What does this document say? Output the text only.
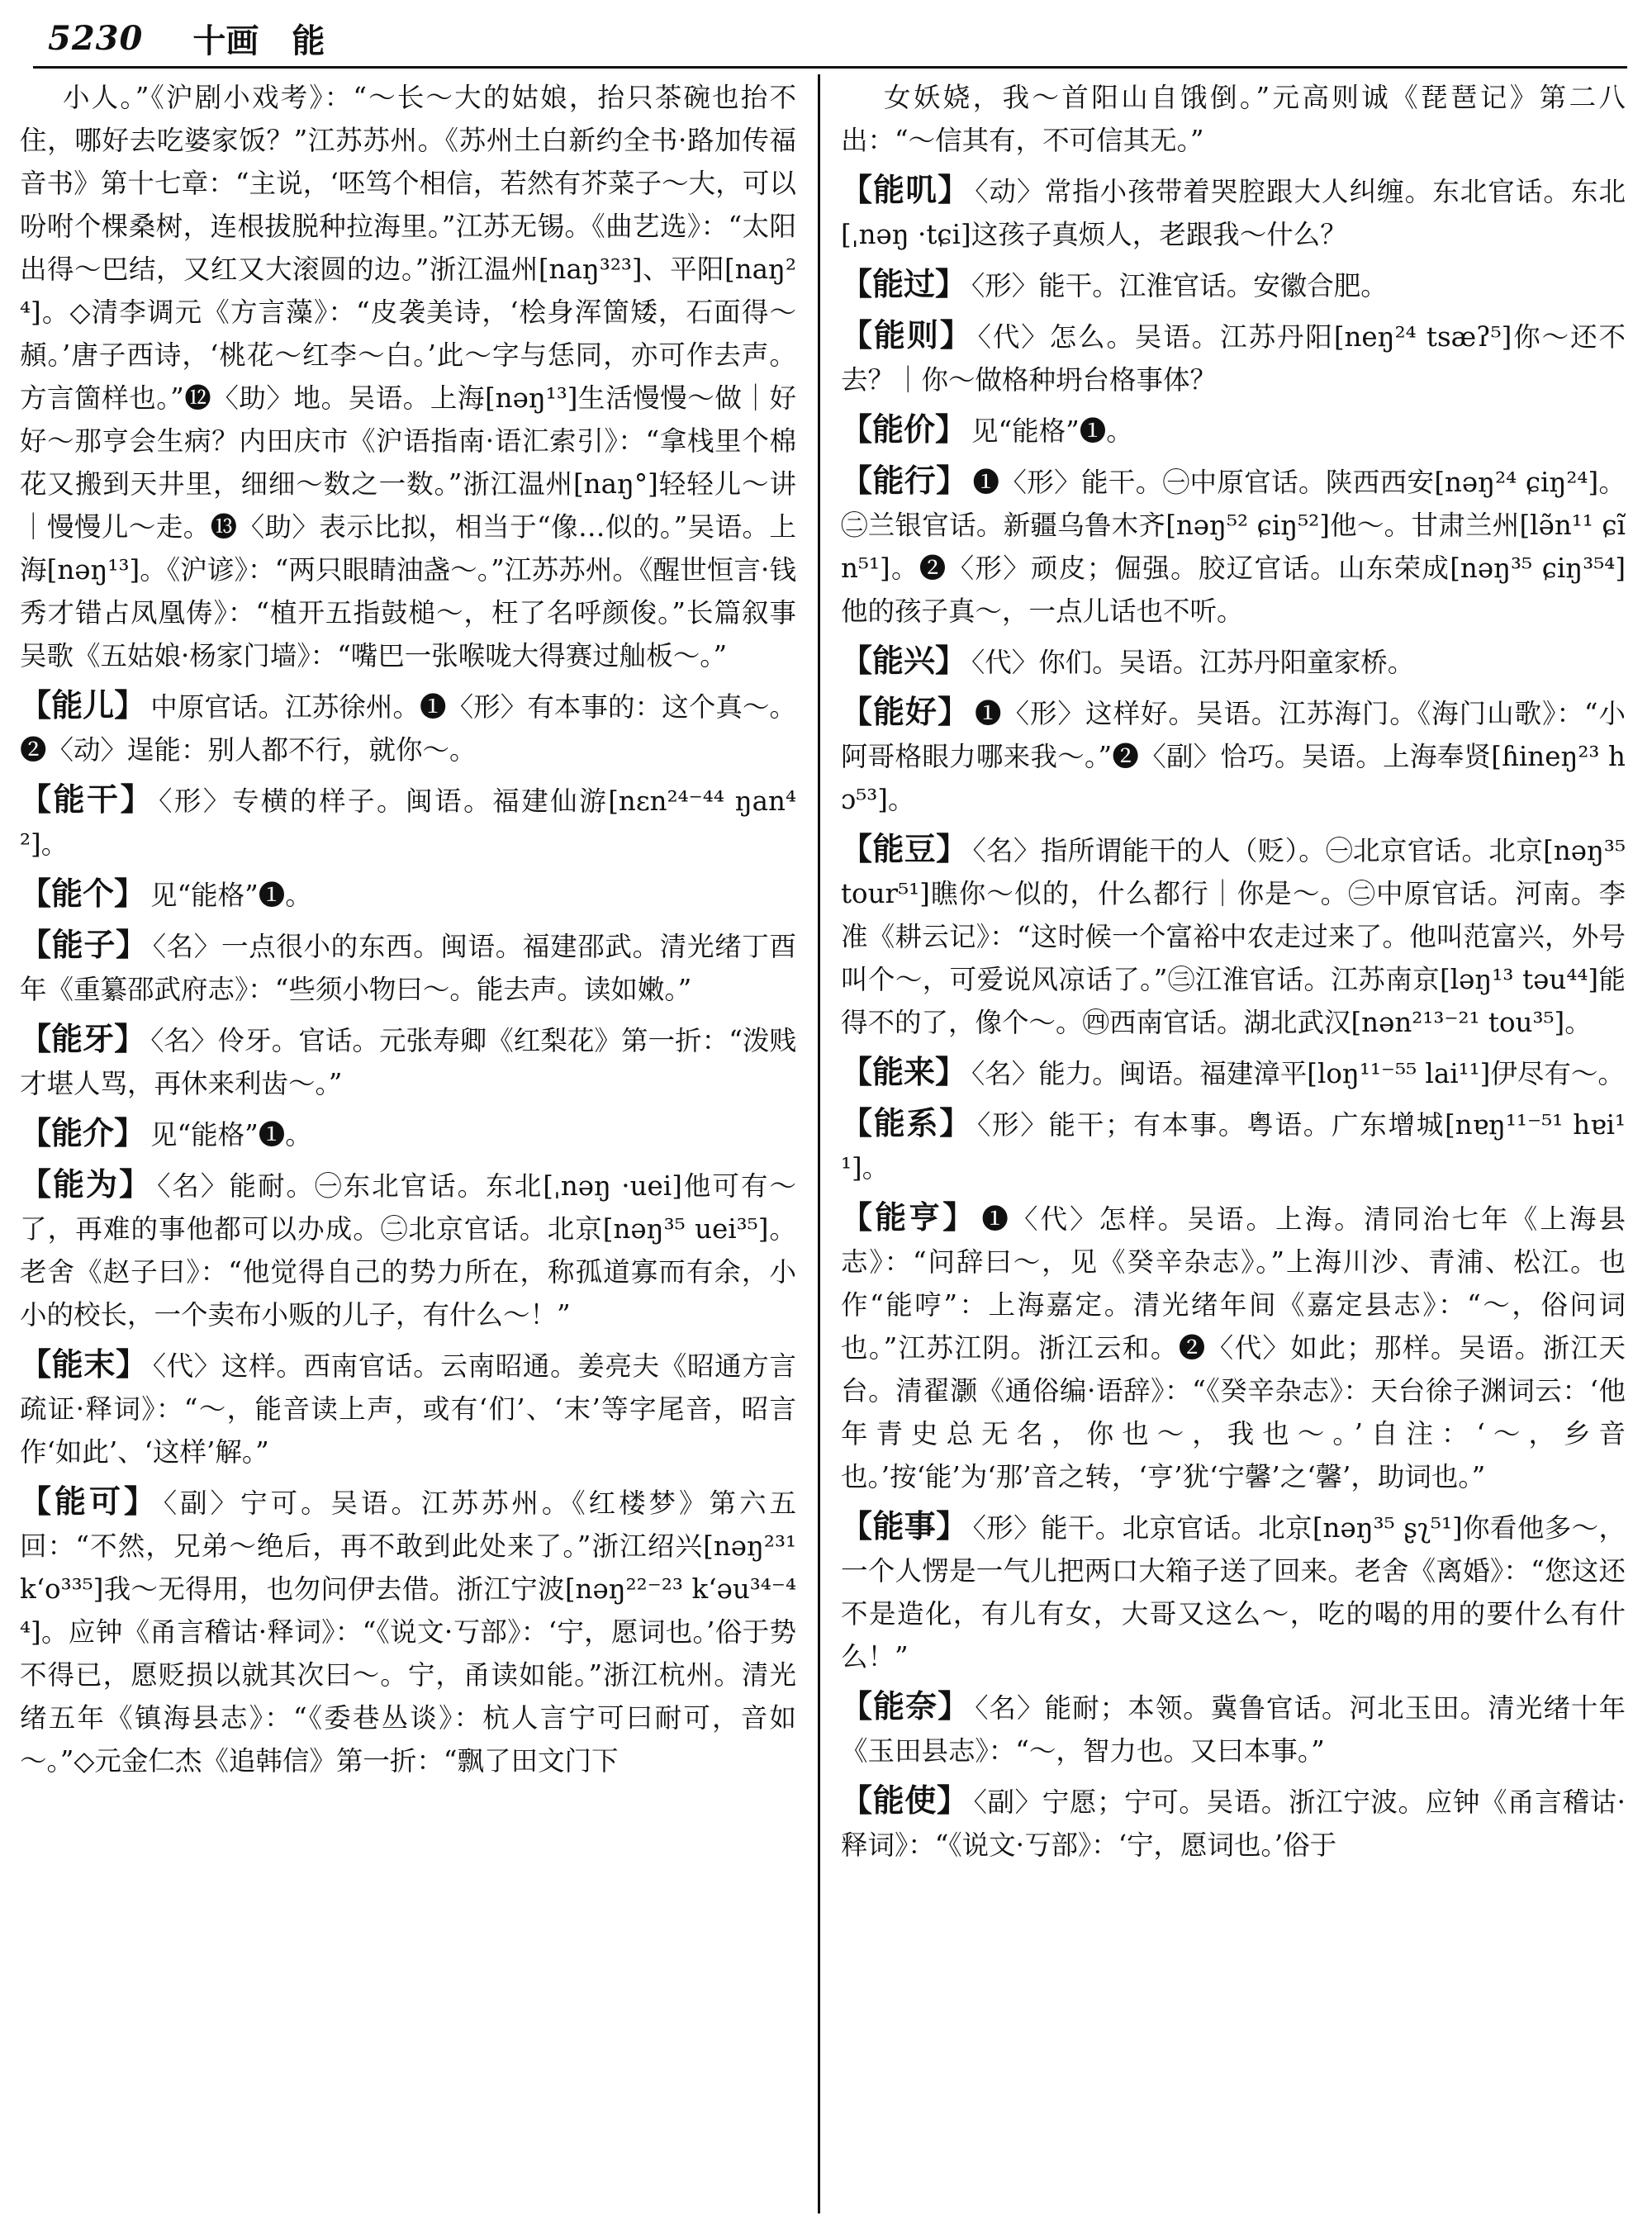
5230 十画 能

小人。”《沪剧小戏考》：“～长～大的姑娘，抬只茶碗也抬不住，哪好去吃婆家饭？”江苏苏州。《苏州土白新约全书·路加传福音书》第十七章：“主说，‘呸笃个相信，若然有芥菜子～大，可以吩咐个棵桑树，连根拔脱种拉海里。”江苏无锡。《曲艺选》：“太阳出得～巴结，又红又大滚圆的边。”浙江温州[naŋ³²³]、平阳[naŋ²⁴]。◇清李调元《方言藻》：“皮袭美诗，‘桧身浑箇矮，石面得～頳。’唐子西诗，‘桃花～红李～白。’此～字与恁同，亦可作去声。方言箇样也。”⓬〈助〉地。吴语。上海[nəŋ¹³]生活慢慢～做｜好好～那亨会生病？内田庆市《沪语指南·语汇索引》：“拿栈里个棉花又搬到天井里，细细～数之一数。”浙江温州[naŋ°]轻轻儿～讲｜慢慢儿～走。⓭〈助〉表示比拟，相当于“像…似的。”吴语。上海[nəŋ¹³]。《沪谚》：“两只眼睛油盏～。”江苏苏州。《醒世恒言·钱秀才错占凤凰俦》：“植开五指鼓槌～，枉了名呼颜俊。”长篇叙事吴歌《五姑娘·杨家门墙》：“嘴巴一张喉咙大得赛过舢板～。”

【能儿】 中原官话。江苏徐州。❶〈形〉有本事的：这个真～。❷〈动〉逞能：别人都不行，就你～。

【能干】 〈形〉专横的样子。闽语。福建仙游[nɛn²⁴⁻⁴⁴ ŋan⁴²]。

【能个】 见“能格”❶。

【能子】 〈名〉一点很小的东西。闽语。福建邵武。清光绪丁酉年《重纂邵武府志》：“些须小物曰～。能去声。读如嫩。”

【能牙】 〈名〉伶牙。官话。元张寿卿《红梨花》第一折：“泼贱才堪人骂，再休来利齿～。”

【能介】 见“能格”❶。

【能为】 〈名〉能耐。㊀东北官话。东北[ˌnəŋ ·uei]他可有～了，再难的事他都可以办成。㊁北京官话。北京[nəŋ³⁵ uei³⁵]。老舍《赵子曰》：“他觉得自己的势力所在，称孤道寡而有余，小小的校长，一个卖布小贩的儿子，有什么～！”

【能末】 〈代〉这样。西南官话。云南昭通。姜亮夫《昭通方言疏证·释词》：“～，能音读上声，或有‘们’、‘末’等字尾音，昭言作‘如此’、‘这样’解。”

【能可】 〈副〉宁可。吴语。江苏苏州。《红楼梦》第六五回：“不然，兄弟～绝后，再不敢到此处来了。”浙江绍兴[nəŋ²³¹ k‘o³³⁵]我～无得用，也勿问伊去借。浙江宁波[nəŋ²²⁻²³ k‘əu³⁴⁻⁴⁴]。应钟《甬言稽诂·释词》：“《说文·丂部》：‘宁，愿词也。’俗于势不得已，愿贬损以就其次曰～。宁，甬读如能。”浙江杭州。清光绪五年《镇海县志》：“《委巷丛谈》：杭人言宁可曰耐可，音如～。”◇元金仁杰《追韩信》第一折：“飘了田文门下

女妖娆，我～首阳山自饿倒。”元高则诚《琵琶记》第二八出：“～信其有，不可信其无。”

【能叽】 〈动〉常指小孩带着哭腔跟大人纠缠。东北官话。东北[ˌnəŋ ·tɕi]这孩子真烦人，老跟我～什么？

【能过】 〈形〉能干。江淮官话。安徽合肥。

【能则】 〈代〉怎么。吴语。江苏丹阳[neŋ²⁴ tsæʔ⁵]你～还不去？｜你～做格种坍台格事体？

【能价】 见“能格”❶。

【能行】 ❶〈形〉能干。㊀中原官话。陕西西安[nəŋ²⁴ ɕiŋ²⁴]。㊁兰银官话。新疆乌鲁木齐[nəŋ⁵² ɕiŋ⁵²]他～。甘肃兰州[lə̃n¹¹ ɕĩn⁵¹]。❷〈形〉顽皮；倔强。胶辽官话。山东荣成[nəŋ³⁵ ɕiŋ³⁵⁴]他的孩子真～，一点儿话也不听。

【能兴】 〈代〉你们。吴语。江苏丹阳童家桥。

【能好】 ❶〈形〉这样好。吴语。江苏海门。《海门山歌》：“小阿哥格眼力哪来我～。”❷〈副〉恰巧。吴语。上海奉贤[ɦineŋ²³ hɔ⁵³]。

【能豆】 〈名〉指所谓能干的人（贬）。㊀北京官话。北京[nəŋ³⁵ tour⁵¹]瞧你～似的，什么都行｜你是～。㊁中原官话。河南。李准《耕云记》：“这时候一个富裕中农走过来了。他叫范富兴，外号叫个～，可爱说风凉话了。”㊂江淮官话。江苏南京[ləŋ¹³ təu⁴⁴]能得不的了，像个～。㊃西南官话。湖北武汉[nən²¹³⁻²¹ tou³⁵]。

【能来】 〈名〉能力。闽语。福建漳平[loŋ¹¹⁻⁵⁵ lai¹¹]伊尽有～。

【能系】 〈形〉能干；有本事。粤语。广东增城[nɐŋ¹¹⁻⁵¹ hɐi¹¹]。

【能亨】 ❶〈代〉怎样。吴语。上海。清同治七年《上海县志》：“问辞曰～，见《癸辛杂志》。”上海川沙、青浦、松江。也作“能哼”：上海嘉定。清光绪年间《嘉定县志》：“～，俗问词也。”江苏江阴。浙江云和。❷〈代〉如此；那样。吴语。浙江天台。清翟灏《通俗编·语辞》：“《癸辛杂志》：天台徐子渊词云：‘他年青史总无名，你也～，我也～。’自注：‘～，乡音也。’按‘能’为‘那’音之转，‘亨’犹‘宁馨’之‘馨’，助词也。”

【能事】 〈形〉能干。北京官话。北京[nəŋ³⁵ ʂʅ⁵¹]你看他多～，一个人愣是一气儿把两口大箱子送了回来。老舍《离婚》：“您这还不是造化，有儿有女，大哥又这么～，吃的喝的用的要什么有什么！”

【能奈】 〈名〉能耐；本领。冀鲁官话。河北玉田。清光绪十年《玉田县志》：“～，智力也。又曰本事。”

【能使】 〈副〉宁愿；宁可。吴语。浙江宁波。应钟《甬言稽诂·释词》：“《说文·丂部》：‘宁，愿词也。’俗于
